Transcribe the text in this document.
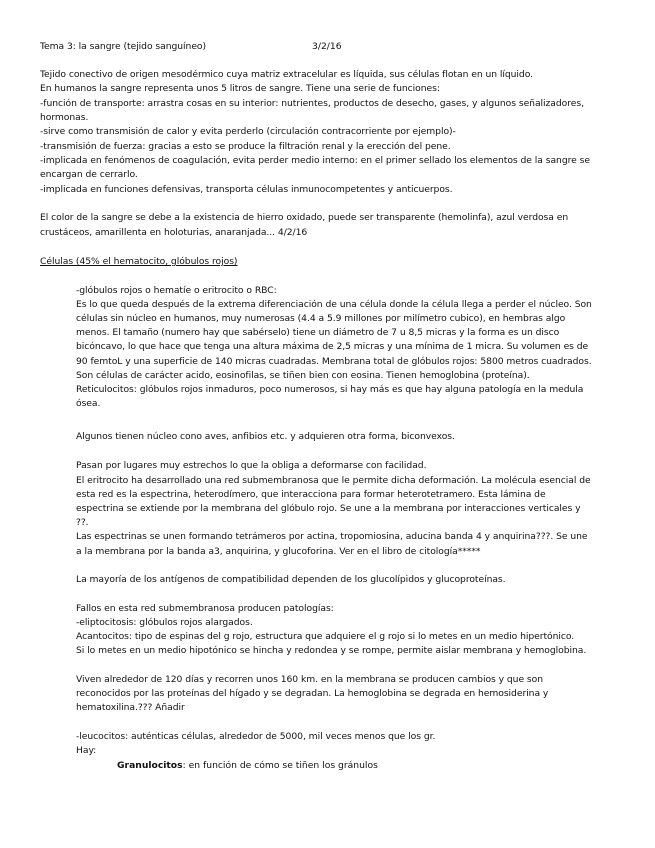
Tema 3: la sangre (tejido sanguíneo)	3/2/16
Tejido conectivo de origen mesodérmico cuya matriz extracelular es líquida, sus células flotan en un líquido.
En humanos la sangre representa unos 5 litros de sangre. Tiene una serie de funciones:
-función de transporte: arrastra cosas en su interior: nutrientes, productos de desecho, gases, y algunos señalizadores,
hormonas.
-sirve como transmisión de calor y evita perderlo (circulación contracorriente por ejemplo)-
-transmisión de fuerza: gracias a esto se produce la filtración renal y la erección del pene.
-implicada en fenómenos de coagulación, evita perder medio interno: en el primer sellado los elementos de la sangre se
encargan de cerrarlo.
-implicada en funciones defensivas, transporta células inmunocompetentes y anticuerpos.
El color de la sangre se debe a la existencia de hierro oxidado, puede ser transparente (hemolinfa), azul verdosa en
crustáceos, amarillenta en holoturias, anaranjada... 4/2/16
Células (45% el hematocito, glóbulos rojos)
-glóbulos rojos o hematíe o eritrocito o RBC:
Es lo que queda después de la extrema diferenciación de una célula donde la célula llega a perder el núcleo. Son
células sin núcleo en humanos, muy numerosas (4.4 a 5.9 millones por milímetro cubico), en hembras algo
menos. El tamaño (numero hay que sabérselo) tiene un diámetro de 7 u 8,5 micras y la forma es un disco
bicóncavo, lo que hace que tenga una altura máxima de 2,5 micras y una mínima de 1 micra. Su volumen es de
90 femtoL y una superficie de 140 micras cuadradas. Membrana total de glóbulos rojos: 5800 metros cuadrados.
Son células de carácter acido, eosinofilas, se tiñen bien con eosina. Tienen hemoglobina (proteína).
Reticulocitos: glóbulos rojos inmaduros, poco numerosos, si hay más es que hay alguna patología en la medula
ósea.
Algunos tienen núcleo cono aves, anfibios etc. y adquieren otra forma, biconvexos.
Pasan por lugares muy estrechos lo que la obliga a deformarse con facilidad.
El eritrocito ha desarrollado una red submembranosa que le permite dicha deformación. La molécula esencial de
esta red es la espectrina, heterodímero, que interacciona para formar heterotetramero. Esta lámina de
espectrina se extiende por la membrana del glóbulo rojo. Se une a la membrana por interacciones verticales y
??.
Las espectrinas se unen formando tetrámeros por actina, tropomiosina, aducina banda 4 y anquirina???. Se une
a la membrana por la banda a3, anquirina, y glucoforina. Ver en el libro de citología*****
La mayoría de los antígenos de compatibilidad dependen de los glucolípidos y glucoproteínas.
Fallos en esta red submembranosa producen patologías:
-eliptocitosis: glóbulos rojos alargados.
Acantocitos: tipo de espinas del g rojo, estructura que adquiere el g rojo si lo metes en un medio hipertónico.
Si lo metes en un medio hipotónico se hincha y redondea y se rompe, permite aislar membrana y hemoglobina.
Viven alrededor de 120 días y recorren unos 160 km. en la membrana se producen cambios y que son
reconocidos por las proteínas del hígado y se degradan. La hemoglobina se degrada en hemosiderina y
hematoxilina.??? Añadir
-leucocitos: auténticas células, alrededor de 5000, mil veces menos que los gr.
Hay:
Granulocitos: en función de cómo se tiñen los gránulos
